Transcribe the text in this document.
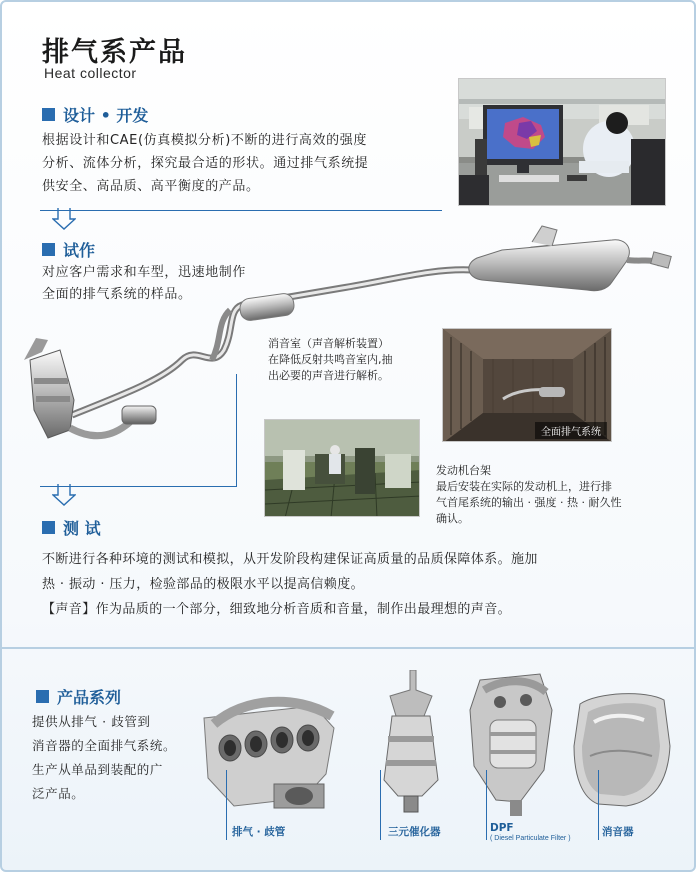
排气系产品
Heat collector
设计 • 开发
根据设计和CAE(仿真模拟分析)不断的进行高效的强度
分析、流体分析，探究最合适的形状。通过排气系统提
供安全、高品质、高平衡度的产品。
试作
对应客户需求和车型，迅速地制作
全面的排气系统的样品。
消音室（声音解析装置）
在降低反射共鸣音室内,抽
出必要的声音进行解析。
全面排气系统
发动机台架
最后安装在实际的发动机上，进行排
气首尾系统的输出 · 强度 · 热 · 耐久性
确认。
测 试
不断进行各种环境的测试和模拟，从开发阶段构建保证高质量的品质保障体系。施加
热 · 振动 · 压力，检验部品的极限水平以提高信赖度。
【声音】作为品质的一个部分，细致地分析音质和音量，制作出最理想的声音。
产品系列
提供从排气 · 歧管到
消音器的全面排气系统。
生产从单品到装配的广
泛产品。
排气 · 歧管	三元催化器	DPF
( Diesel Particulate Filter )
消音器
